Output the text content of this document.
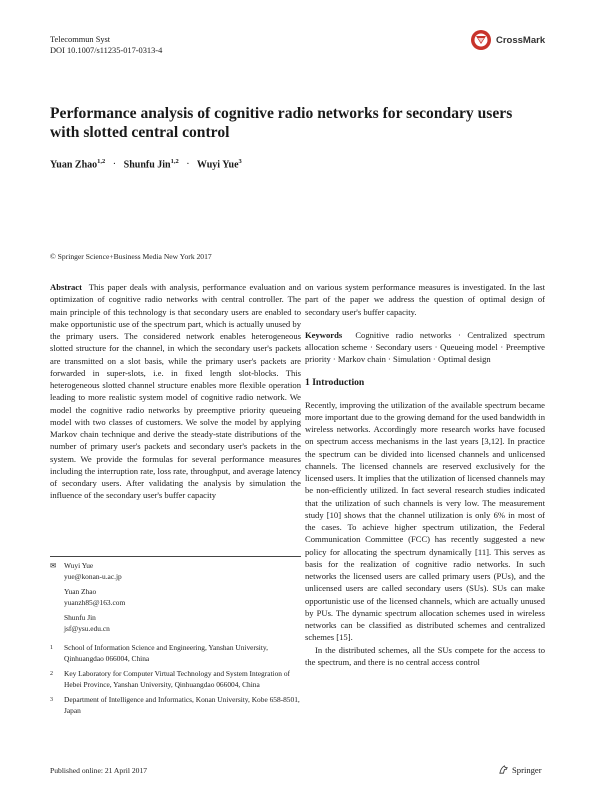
Telecommun Syst
DOI 10.1007/s11235-017-0313-4
CrossMark
Performance analysis of cognitive radio networks for secondary users with slotted central control
Yuan Zhao$^{1,2}$ · Shunfu Jin$^{1,2}$ · Wuyi Yue$^3$
© Springer Science+Business Media New York 2017

Abstract This paper deals with analysis, performance evaluation and optimization of cognitive radio networks with central controller. The main principle of this technology is that secondary users are enabled to make opportunistic use of the spectrum part, which is actually unused by the primary users. The considered network enables heterogeneous slotted structure for the channel, in which the secondary user's packets are transmitted on a slot basis, while the primary user's packets are forwarded in super-slots, i.e. in fixed length slot-blocks. This heterogeneous slotted channel structure enables more flexible operation leading to more realistic system model of cognitive radio network. We model the cognitive radio networks by preemptive priority queueing model with two classes of customers. We solve the model by applying Markov chain technique and derive the steady-state distributions of the number of primary user's packets and secondary user's packets in the system. We provide the formulas for several performance measures including the interruption rate, loss rate, throughput, and average latency of secondary users. After validating the analysis by simulation the influence of the secondary user's buffer capacity

✉	Wuyi Yue
yue@konan-u.ac.jp
Yuan Zhao
yuanzh85@163.com
Shunfu Jin
jsf@ysu.edu.cn
1	School of Information Science and Engineering, Yanshan University, Qinhuangdao 066004, China
2	Key Laboratory for Computer Virtual Technology and System Integration of Hebei Province, Yanshan University, Qinhuangdao 066004, China
3	Department of Intelligence and Informatics, Konan University, Kobe 658-8501, Japan

on various system performance measures is investigated. In the last part of the paper we address the question of optimal design of secondary user's buffer capacity.

Keywords Cognitive radio networks · Centralized spectrum allocation scheme · Secondary users · Queueing model · Preemptive priority · Markov chain · Simulation · Optimal design

1 Introduction

Recently, improving the utilization of the available spectrum became more important due to the growing demand for the used bandwidth in wireless networks. Accordingly more research works have focused on spectrum access mechanisms in the last years [3,12]. In practice the spectrum can be divided into licensed channels and unlicensed channels. The licensed channels are reserved exclusively for the licensed users. It implies that the utilization of licensed channels may be non-efficiently utilized. In fact several research studies indicated that the utilization of such channels is very low. The measurement study [10] shows that the channel utilization is only 6% in most of the cases. To achieve higher spectrum utilization, the Federal Communication Committee (FCC) has recently suggested a new policy for allocating the spectrum dynamically [11]. This serves as basis for the realization of cognitive radio networks. In such networks the licensed users are called primary users (PUs), and the unlicensed users are called secondary users (SUs). SUs can make opportunistic use of the licensed channels, which are actually unused by PUs. The dynamic spectrum allocation schemes used in wireless networks can be classified as distributed schemes and centralized schemes [15].

In the distributed schemes, all the SUs compete for the access to the spectrum, and there is no central access control

Published online: 21 April 2017	Springer
